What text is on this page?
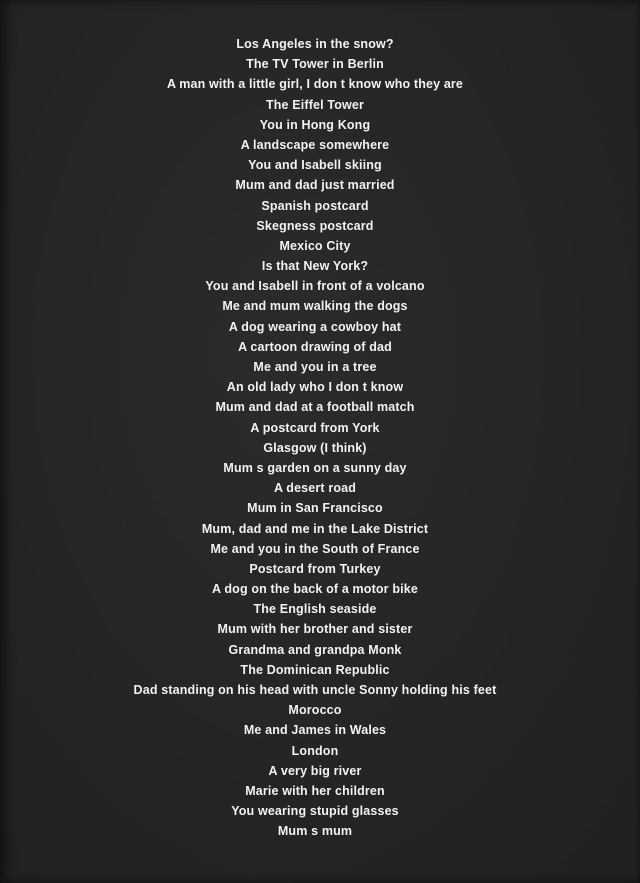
Los Angeles in the snow?
The TV Tower in Berlin
A man with a little girl, I don t know who they are
The Eiffel Tower
You in Hong Kong
A landscape somewhere
You and Isabell skiing
Mum and dad just married
Spanish postcard
Skegness postcard
Mexico City
Is that New York?
You and Isabell in front of a volcano
Me and mum walking the dogs
A dog wearing a cowboy hat
A cartoon drawing of dad
Me and you in a tree
An old lady who I don t know
Mum and dad at a football match
A postcard from York
Glasgow (I think)
Mum s garden on a sunny day
A desert road
Mum in San Francisco
Mum, dad and me in the Lake District
Me and you in the South of France
Postcard from Turkey
A dog on the back of a motor bike
The English seaside
Mum with her brother and sister
Grandma and grandpa Monk
The Dominican Republic
Dad standing on his head with uncle Sonny holding his feet
Morocco
Me and James in Wales
London
A very big river
Marie with her children
You wearing stupid glasses
Mum s mum
